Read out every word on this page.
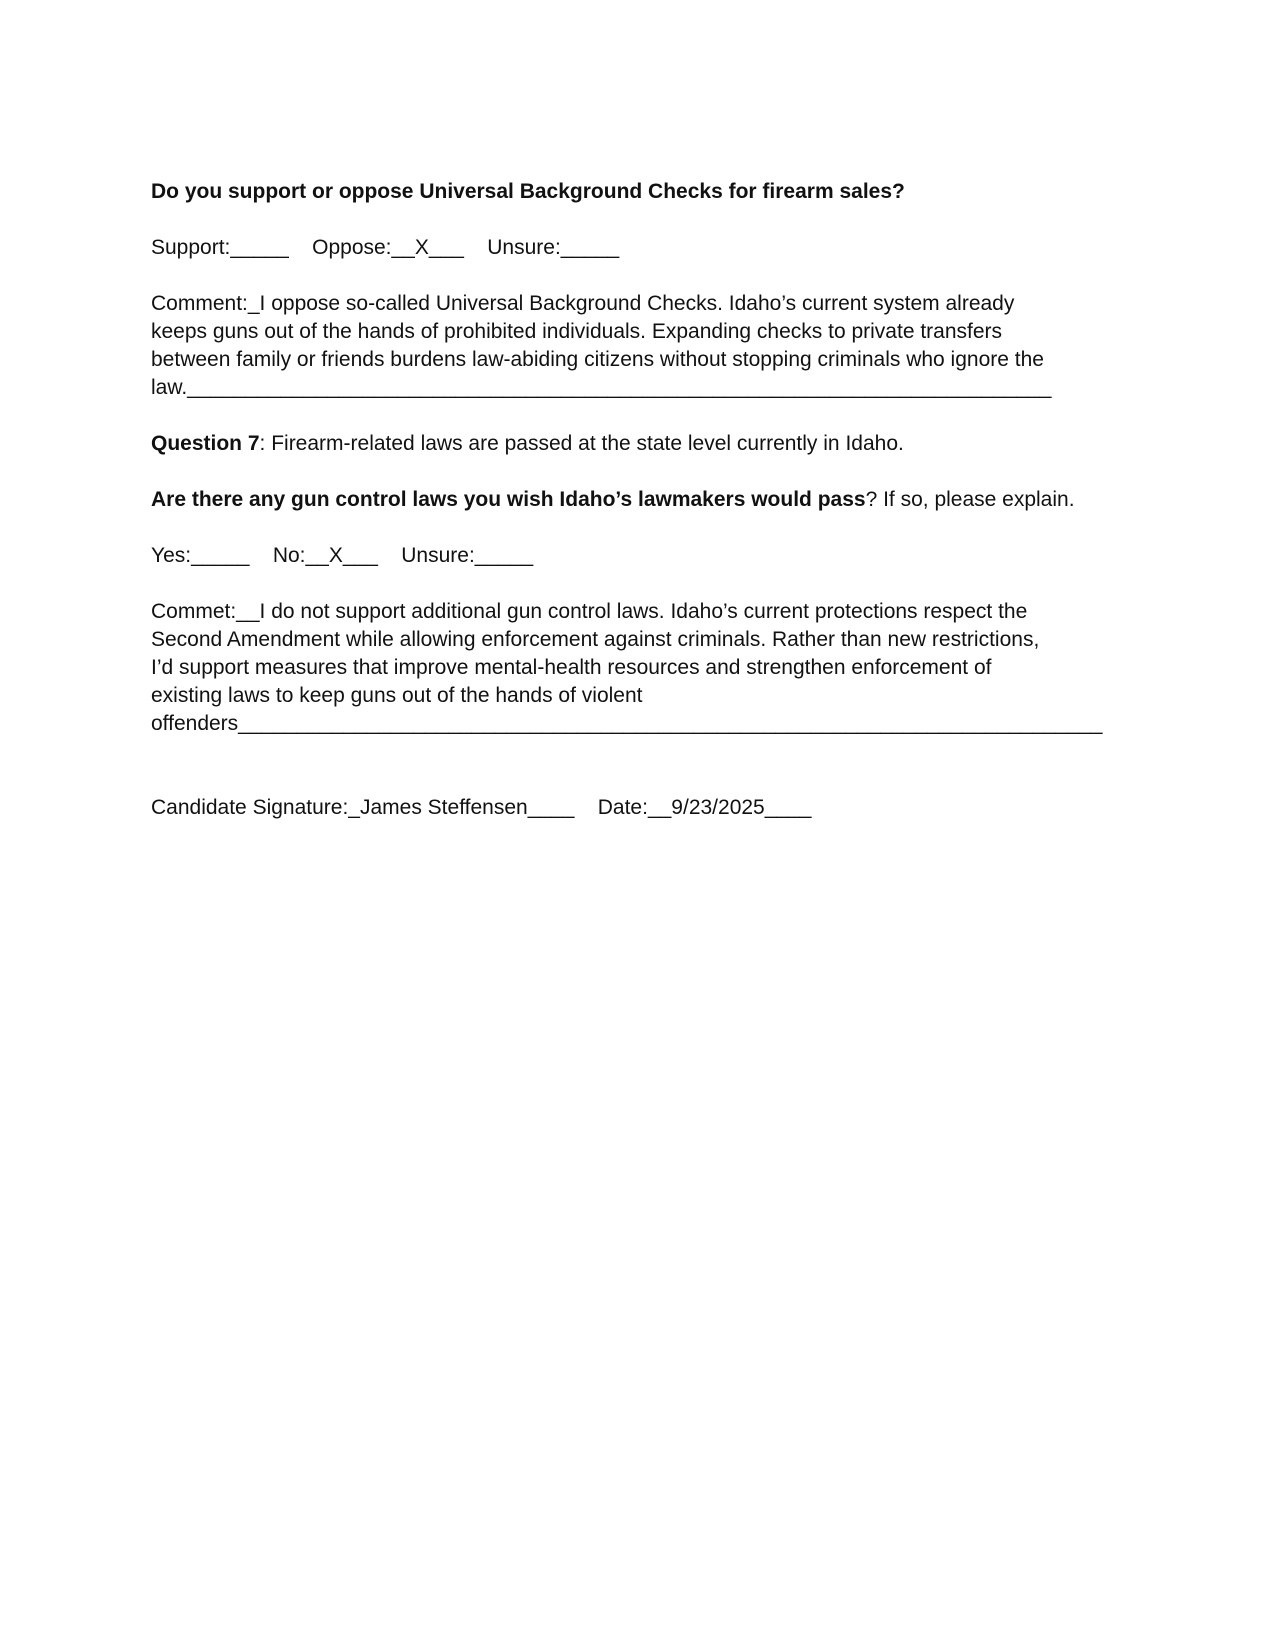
Do you support or oppose Universal Background Checks for firearm sales?

Support:_____    Oppose:__X___    Unsure:_____

Comment:_I oppose so-called Universal Background Checks. Idaho’s current system already

keeps guns out of the hands of prohibited individuals. Expanding checks to private transfers

between family or friends burdens law-abiding citizens without stopping criminals who ignore the

law.__________________________________________________________________________

Question 7: Firearm-related laws are passed at the state level currently in Idaho.

Are there any gun control laws you wish Idaho’s lawmakers would pass? If so, please explain.

Yes:_____    No:__X___    Unsure:_____

Commet:__I do not support additional gun control laws. Idaho’s current protections respect the

Second Amendment while allowing enforcement against criminals. Rather than new restrictions,

I’d support measures that improve mental-health resources and strengthen enforcement of

existing laws to keep guns out of the hands of violent

offenders__________________________________________________________________________

Candidate Signature:_James Steffensen____    Date:__9/23/2025____
